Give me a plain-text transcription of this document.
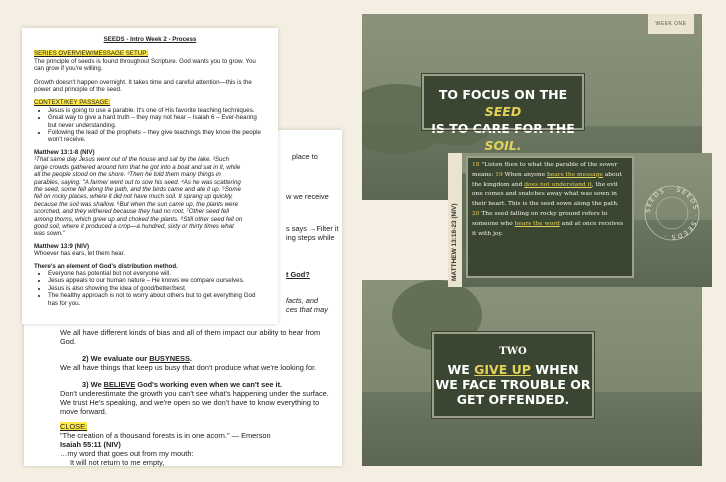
place to
w we receive
s says →Filter it
ing steps while
t God?
facts, and
ces that may

We all have different kinds of bias and all of them impact our ability to hear from God.

2) We evaluate our BUSYNESS.

We all have things that keep us busy that don't produce what we're looking for.

3) We BELIEVE God's working even when we can't see it.

Don't underestimate the growth you can't see what's happening under the surface. We trust He's speaking, and we're open so we don't have to know everything to move forward.

CLOSE:

"The creation of a thousand forests is in one acorn." — Emerson

Isaiah 55:11 (NIV)

…my word that goes out from my mouth:

It will not return to me empty,

SEEDS - Intro Week 2 - Process

SERIES OVERVIEW/MESSAGE SETUP:

The principle of seeds is found throughout Scripture. God wants you to grow. You can grow if you're willing.

Growth doesn't happen overnight. It takes time and careful attention—this is the power and principle of the seed.

CONTEXT/KEY PASSAGE:

• Jesus is going to use a parable. It's one of His favorite teaching techniques.
• Great way to give a hard truth – they may not hear – Isaiah 6 – Ever-hearing but never understanding.
• Following the lead of the prophets – they give teachings they know the people won't receive.

Matthew 13:1-8 (NIV)

¹That same day Jesus went out of the house and sat by the lake. ²Such large crowds gathered around him that he got into a boat and sat in it, while all the people stood on the shore. ³Then he told them many things in parables, saying: "A farmer went out to sow his seed. ⁴As he was scattering the seed, some fell along the path, and the birds came and ate it up. ⁵Some fell on rocky places, where it did not have much soil. It sprang up quickly, because the soil was shallow. ⁶But when the sun came up, the plants were scorched, and they withered because they had no root. ⁷Other seed fell among thorns, which grew up and choked the plants. ⁸Still other seed fell on good soil, where it produced a crop—a hundred, sixty or thirty times what was sown."

Matthew 13:9 (NIV)

Whoever has ears, let them hear.

There's an element of God's distribution method.

• Everyone has potential but not everyone will.
• Jesus appeals to our human nature – He knows we compare ourselves.
• Jesus is also showing the idea of good/better/best.
• The healthy approach is not to worry about others but to get everything God has for you.
WEEK ONE
TO FOCUS ON THE SEED
IS TO CARE FOR THE SOIL.
TWO
WE GIVE UP WHEN
WE FACE TROUBLE OR
GET OFFENDED.
MATTHEW 13:18-23 (NIV)
18 "Listen then to what the parable of the sower means: 19 When anyone hears the message about the kingdom and does not understand it, the evil one comes and snatches away what was sown in their heart. This is the seed sown along the path. 20 The seed falling on rocky ground refers to someone who hears the word and at once receives it with joy.
SEEDS · SEEDS · SEEDS ·
